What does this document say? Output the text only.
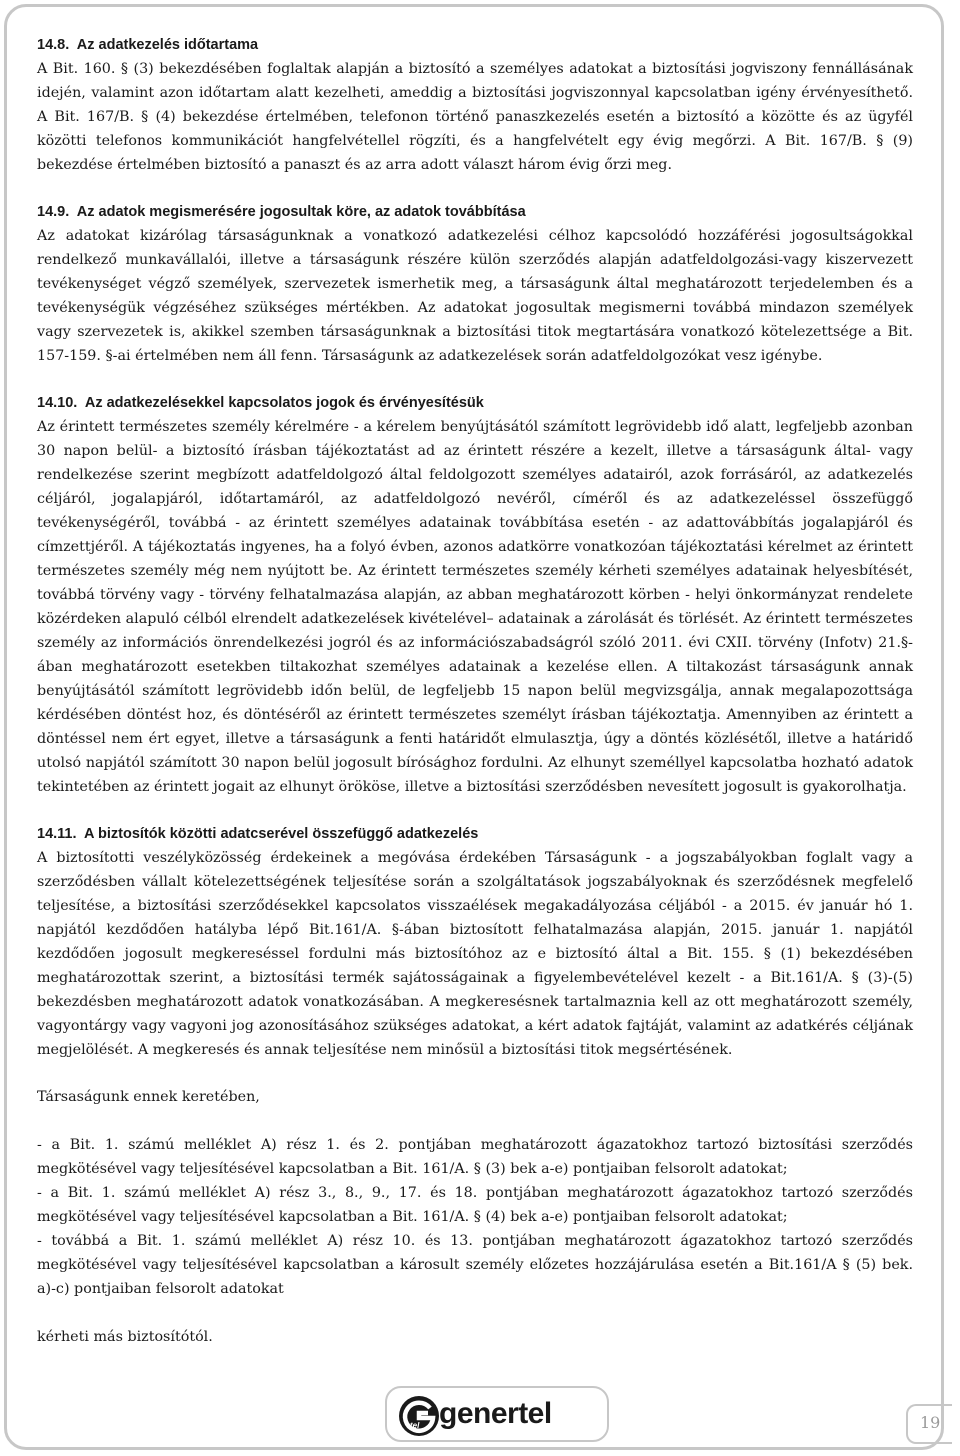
14.8. Az adatkezelés időtartama

A Bit. 160. § (3) bekezdésében foglaltak alapján a biztosító a személyes adatokat a biztosítási jogviszony fennállásának idején, valamint azon időtartam alatt kezelheti, ameddig a biztosítási jogviszonnyal kapcsolatban igény érvényesíthető. A Bit. 167/B. § (4) bekezdése értelmében, telefonon történő panaszkezelés esetén a biztosító a közötte és az ügyfél közötti telefonos kommunikációt hangfelvétellel rögzíti, és a hangfelvételt egy évig megőrzi. A Bit. 167/B. § (9) bekezdése értelmében biztosító a panaszt és az arra adott választ három évig őrzi meg.

14.9. Az adatok megismerésére jogosultak köre, az adatok továbbítása

Az adatokat kizárólag társaságunknak a vonatkozó adatkezelési célhoz kapcsolódó hozzáférési jogosultságokkal rendelkező munkavállalói, illetve a társaságunk részére külön szerződés alapján adatfeldolgozási-vagy kiszervezett tevékenységet végző személyek, szervezetek ismerhetik meg, a társaságunk által meghatározott terjedelemben és a tevékenységük végzéséhez szükséges mértékben. Az adatokat jogosultak megismerni továbbá mindazon személyek vagy szervezetek is, akikkel szemben társaságunknak a biztosítási titok megtartására vonatkozó kötelezettsége a Bit. 157-159. §-ai értelmében nem áll fenn. Társaságunk az adatkezelések során adatfeldolgozókat vesz igénybe.

14.10. Az adatkezelésekkel kapcsolatos jogok és érvényesítésük

Az érintett természetes személy kérelmére - a kérelem benyújtásától számított legrövidebb idő alatt, legfeljebb azonban 30 napon belül- a biztosító írásban tájékoztatást ad az érintett részére a kezelt, illetve a társaságunk által- vagy rendelkezése szerint megbízott adatfeldolgozó által feldolgozott személyes adatairól, azok forrásáról, az adatkezelés céljáról, jogalapjáról, időtartamáról, az adatfeldolgozó nevéről, címéről és az adatkezeléssel összefüggő tevékenységéről, továbbá - az érintett személyes adatainak továbbítása esetén - az adattovábbítás jogalapjáról és címzettjéről. A tájékoztatás ingyenes, ha a folyó évben, azonos adatkörre vonatkozóan tájékoztatási kérelmet az érintett természetes személy még nem nyújtott be. Az érintett természetes személy kérheti személyes adatainak helyesbítését, továbbá törvény vagy - törvény felhatalmazása alapján, az abban meghatározott körben - helyi önkormányzat rendelete közérdeken alapuló célból elrendelt adatkezelések kivételével– adatainak a zárolását és törlését. Az érintett természetes személy az információs önrendelkezési jogról és az információszabadságról szóló 2011. évi CXII. törvény (Infotv) 21.§-ában meghatározott esetekben tiltakozhat személyes adatainak a kezelése ellen. A tiltakozást társaságunk annak benyújtásától számított legrövidebb időn belül, de legfeljebb 15 napon belül megvizsgálja, annak megalapozottsága kérdésében döntést hoz, és döntéséről az érintett természetes személyt írásban tájékoztatja. Amennyiben az érintett a döntéssel nem ért egyet, illetve a társaságunk a fenti határidőt elmulasztja, úgy a döntés közlésétől, illetve a határidő utolsó napjától számított 30 napon belül jogosult bírósághoz fordulni. Az elhunyt személlyel kapcsolatba hozható adatok tekintetében az érintett jogait az elhunyt örököse, illetve a biztosítási szerződésben nevesített jogosult is gyakorolhatja.

14.11. A biztosítók közötti adatcserével összefüggő adatkezelés

A biztosítotti veszélyközösség érdekeinek a megóvása érdekében Társaságunk - a jogszabályokban foglalt vagy a szerződésben vállalt kötelezettségének teljesítése során a szolgáltatások jogszabályoknak és szerződésnek megfelelő teljesítése, a biztosítási szerződésekkel kapcsolatos visszaélések megakadályozása céljából - a 2015. év január hó 1. napjától kezdődően hatályba lépő Bit.161/A. §-ában biztosított felhatalmazása alapján, 2015. január 1. napjától kezdődően jogosult megkereséssel fordulni más biztosítóhoz az e biztosító által a Bit. 155. § (1) bekezdésében meghatározottak szerint, a biztosítási termék sajátosságainak a figyelembevételével kezelt - a Bit.161/A. § (3)-(5) bekezdésben meghatározott adatok vonatkozásában. A megkeresésnek tartalmaznia kell az ott meghatározott személy, vagyontárgy vagy vagyoni jog azonosításához szükséges adatokat, a kért adatok fajtáját, valamint az adatkérés céljának megjelölését. A megkeresés és annak teljesítése nem minősül a biztosítási titok megsértésének.

Társaságunk ennek keretében,

- a Bit. 1. számú melléklet A) rész 1. és 2. pontjában meghatározott ágazatokhoz tartozó biztosítási szerződés megkötésével vagy teljesítésével kapcsolatban a Bit. 161/A. § (3) bek a-e) pontjaiban felsorolt adatokat;

- a Bit. 1. számú melléklet A) rész 3., 8., 9., 17. és 18. pontjában meghatározott ágazatokhoz tartozó szerződés megkötésével vagy teljesítésével kapcsolatban a Bit. 161/A. § (4) bek a-e) pontjaiban felsorolt adatokat;

- továbbá a Bit. 1. számú melléklet A) rész 10. és 13. pontjában meghatározott ágazatokhoz tartozó szerződés megkötésével vagy teljesítésével kapcsolatban a károsult személy előzetes hozzájárulása esetén a Bit.161/A § (5) bek. a)-c) pontjaiban felsorolt adatokat

kérheti más biztosítótól.

tel genertel	19
